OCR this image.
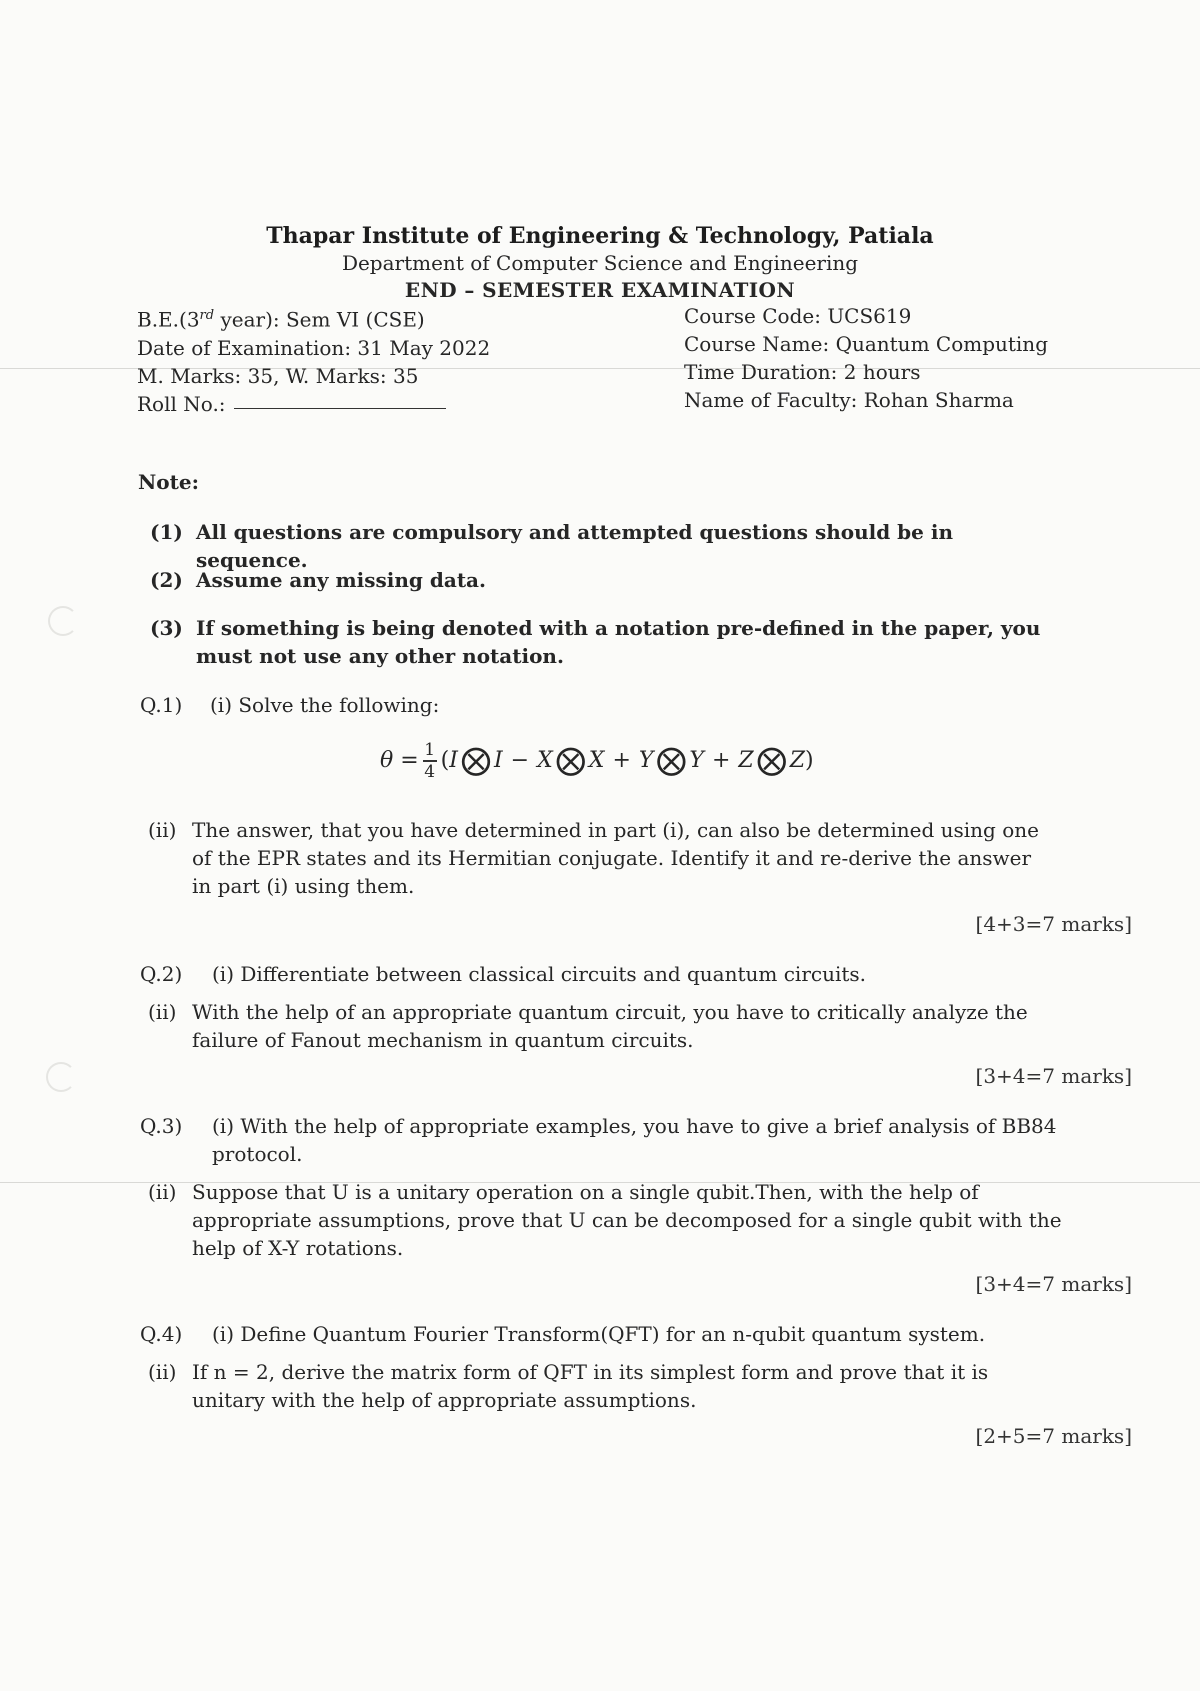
Thapar Institute of Engineering & Technology, Patiala
Department of Computer Science and Engineering
END – SEMESTER EXAMINATION
B.E.(3rd year): Sem VI (CSE)
Date of Examination: 31 May 2022
M. Marks: 35, W. Marks: 35
Roll No.:
Course Code: UCS619
Course Name: Quantum Computing
Time Duration: 2 hours
Name of Faculty: Rohan Sharma
Note:
(1) All questions are compulsory and attempted questions should be in sequence.
(2) Assume any missing data.
(3) If something is being denoted with a notation pre-defined in the paper, you must not use any other notation.
Q.1) (i) Solve the following:
$\theta = \frac{1}{4}$ ( I ⨂ I − X ⨂ X + Y ⨂ Y + Z ⨂ Z )
(ii) The answer, that you have determined in part (i), can also be determined using one of the EPR states and its Hermitian conjugate. Identify it and re-derive the answer in part (i) using them.
[4+3=7 marks]
Q.2) (i) Differentiate between classical circuits and quantum circuits.
(ii) With the help of an appropriate quantum circuit, you have to critically analyze the failure of Fanout mechanism in quantum circuits.
[3+4=7 marks]
Q.3) (i) With the help of appropriate examples, you have to give a brief analysis of BB84 protocol.
(ii) Suppose that U is a unitary operation on a single qubit.Then, with the help of appropriate assumptions, prove that U can be decomposed for a single qubit with the help of X-Y rotations.
[3+4=7 marks]
Q.4) (i) Define Quantum Fourier Transform(QFT) for an n-qubit quantum system.
(ii) If n = 2, derive the matrix form of QFT in its simplest form and prove that it is unitary with the help of appropriate assumptions.
[2+5=7 marks]
